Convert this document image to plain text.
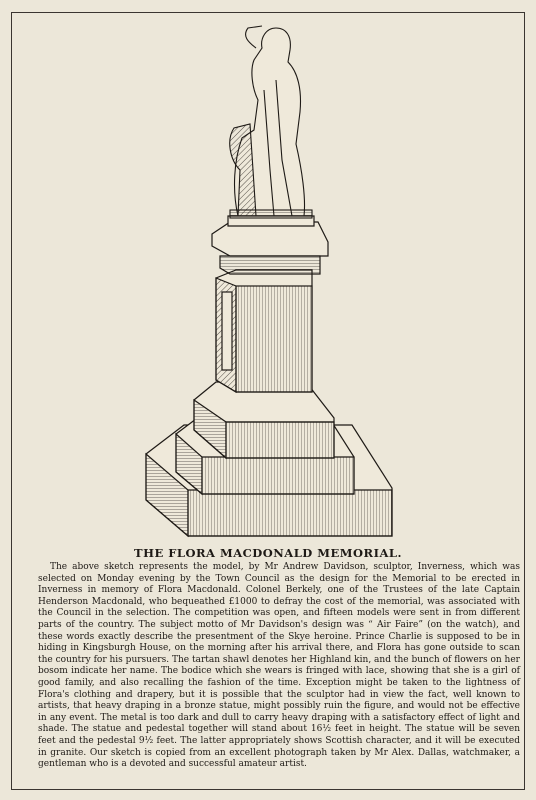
THE FLORA MACDONALD MEMORIAL.

The above sketch represents the model, by Mr Andrew Davidson, sculptor, Inverness, which was selected on Monday evening by the Town Council as the design for the Memorial to be erected in Inverness in memory of Flora Macdonald. Colonel Berkely, one of the Trustees of the late Captain Henderson Macdonald, who bequeathed £1000 to defray the cost of the memorial, was associated with the Council in the selection. The competition was open, and fifteen models were sent in from different parts of the country. The subject motto of Mr Davidson's design was “ Air Faire” (on the watch), and these words exactly describe the presentment of the Skye heroine. Prince Charlie is supposed to be in hiding in Kingsburgh House, on the morning after his arrival there, and Flora has gone outside to scan the country for his pursuers. The tartan shawl denotes her Highland kin, and the bunch of flowers on her bosom indicate her name. The bodice which she wears is fringed with lace, showing that she is a girl of good family, and also recalling the fashion of the time. Exception might be taken to the lightness of Flora's clothing and drapery, but it is possible that the sculptor had in view the fact, well known to artists, that heavy draping in a bronze statue, might possibly ruin the figure, and would not be effective in any event. The metal is too dark and dull to carry heavy draping with a satisfactory effect of light and shade. The statue and pedestal together will stand about 16½ feet in height. The statue will be seven feet and the pedestal 9½ feet. The latter appropriately shows Scottish character, and it will be executed in granite. Our sketch is copied from an excellent photograph taken by Mr Alex. Dallas, watchmaker, a gentleman who is a devoted and successful amateur artist.
